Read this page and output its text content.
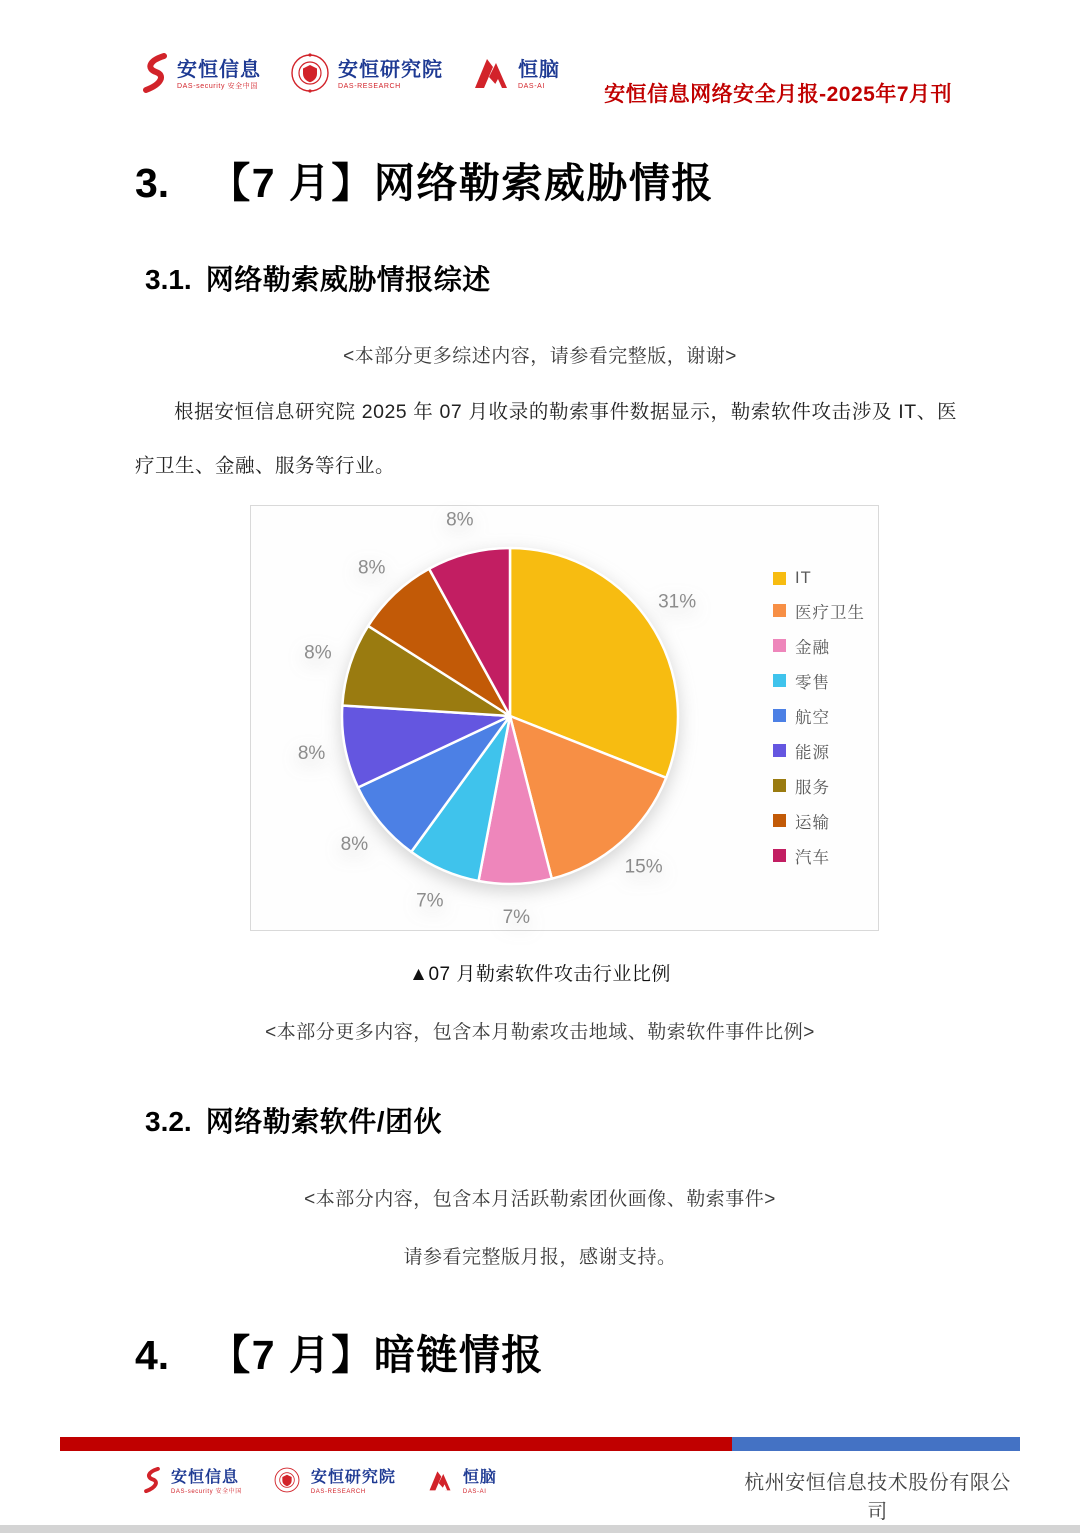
安恒信息
DAS-security 安全中国
安恒研究院
DAS-RESEARCH
恒脑
DAS-AI	安恒信息网络安全月报-2025年7月刊
3. 【7 月】网络勒索威胁情报
3.1. 网络勒索威胁情报综述
<本部分更多综述内容，请参看完整版，谢谢>
根据安恒信息研究院 2025 年 07 月收录的勒索事件数据显示，勒索软件攻击涉及 IT、医疗卫生、金融、服务等行业。
31%
15%
7%
7%
8%
8%
8%
8%
8%
IT
医疗卫生
金融
零售
航空
能源
服务
运输
汽车
▲07 月勒索软件攻击行业比例
<本部分更多内容，包含本月勒索攻击地域、勒索软件事件比例>
3.2. 网络勒索软件/团伙
<本部分内容，包含本月活跃勒索团伙画像、勒索事件>
请参看完整版月报，感谢支持。
4. 【7 月】暗链情报
安恒信息
DAS-security 安全中国
安恒研究院
DAS-RESEARCH
恒脑
DAS-AI	杭州安恒信息技术股份有限公司
